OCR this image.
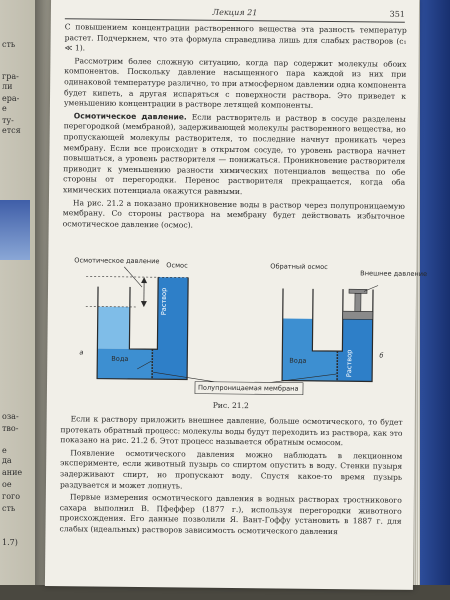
сть
гра-
ли
ера-
е
ту-
ется
оза-
тво-
е
да
ание
ое
гого
сть
1.7)
Лекция 21	351

С повышением концентрации растворенного вещества эта разность температур растет. Подчеркнем, что эта формула справедлива лишь для слабых растворов (c₁ ≪ 1).

Рассмотрим более сложную ситуацию, когда пар содержит молекулы обоих компонентов. Поскольку давление насыщенного пара каждой из них при одинаковой температуре различно, то при атмосферном давлении одна компонента будет кипеть, а другая испаряться с поверхности раствора. Это приведет к уменьшению концентрации в растворе летящей компоненты.

Осмотическое давление. Если растворитель и раствор в сосуде разделены перегородкой (мембраной), задерживающей молекулы растворенного вещества, но пропускающей молекулы растворителя, то последние начнут проникать через мембрану. Если все происходит в открытом сосуде, то уровень раствора начнет повышаться, а уровень растворителя — понижаться. Проникновение растворителя приводит к уменьшению разности химических потенциалов вещества по обе стороны от перегородки. Перенос растворителя прекращается, когда оба химических потенциала окажутся равными.

На рис. 21.2 а показано проникновение воды в раствор через полупроницаемую мембрану. Со стороны раствора на мембрану будет действовать избыточное осмотическое давление (осмос).

Осмотическое давление
Осмос
Вода
Раствор
а
Обратный осмос
Внешнее давление
Вода	Раствор	б
Полупроницаемая мембрана
Рис. 21.2

Если к раствору приложить внешнее давление, больше осмотического, то будет протекать обратный процесс: молекулы воды будут переходить из раствора, как это показано на рис. 21.2 б. Этот процесс называется обратным осмосом.

Появление осмотического давления можно наблюдать в лекционном эксперименте, если животный пузырь со спиртом опустить в воду. Стенки пузыря задерживают спирт, но пропускают воду. Спустя какое-то время пузырь раздувается и может лопнуть.

Первые измерения осмотического давления в водных растворах тростникового сахара выполнил В. Пфеффер (1877 г.), используя перегородки животного происхождения. Его данные позволили Я. Вант-Гоффу установить в 1887 г. для слабых (идеальных) растворов зависимость осмотического давления
